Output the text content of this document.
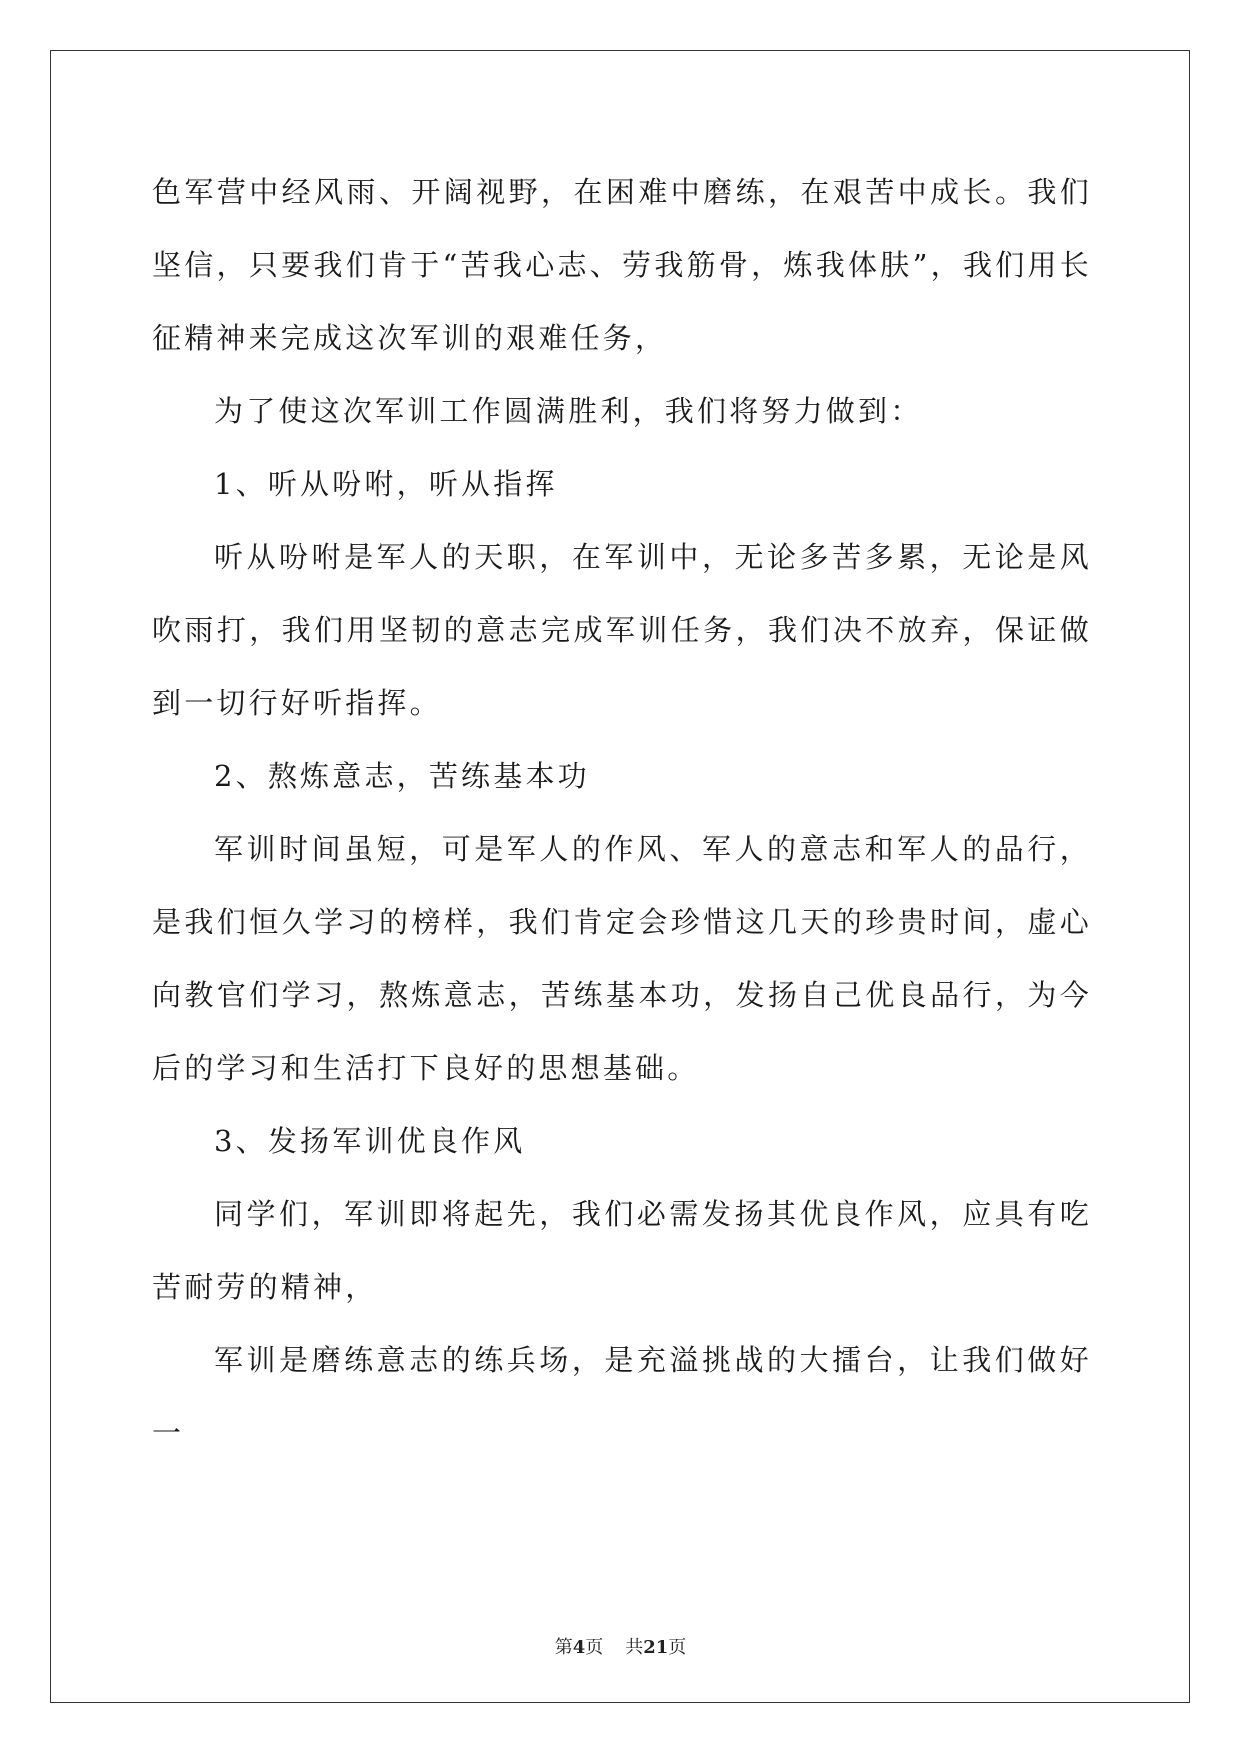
色军营中经风雨、开阔视野，在困难中磨练，在艰苦中成长。我们坚信，只要我们肯于“苦我心志、劳我筋骨，炼我体肤”，我们用长征精神来完成这次军训的艰难任务，

为了使这次军训工作圆满胜利，我们将努力做到：

1、听从吩咐，听从指挥

听从吩咐是军人的天职，在军训中，无论多苦多累，无论是风吹雨打，我们用坚韧的意志完成军训任务，我们决不放弃，保证做到一切行好听指挥。

2、熬炼意志，苦练基本功

军训时间虽短，可是军人的作风、军人的意志和军人的品行，是我们恒久学习的榜样，我们肯定会珍惜这几天的珍贵时间，虚心向教官们学习，熬炼意志，苦练基本功，发扬自己优良品行，为今后的学习和生活打下良好的思想基础。

3、发扬军训优良作风

同学们，军训即将起先，我们必需发扬其优良作风，应具有吃苦耐劳的精神，

军训是磨练意志的练兵场，是充溢挑战的大擂台，让我们做好一

第4页 共21页
